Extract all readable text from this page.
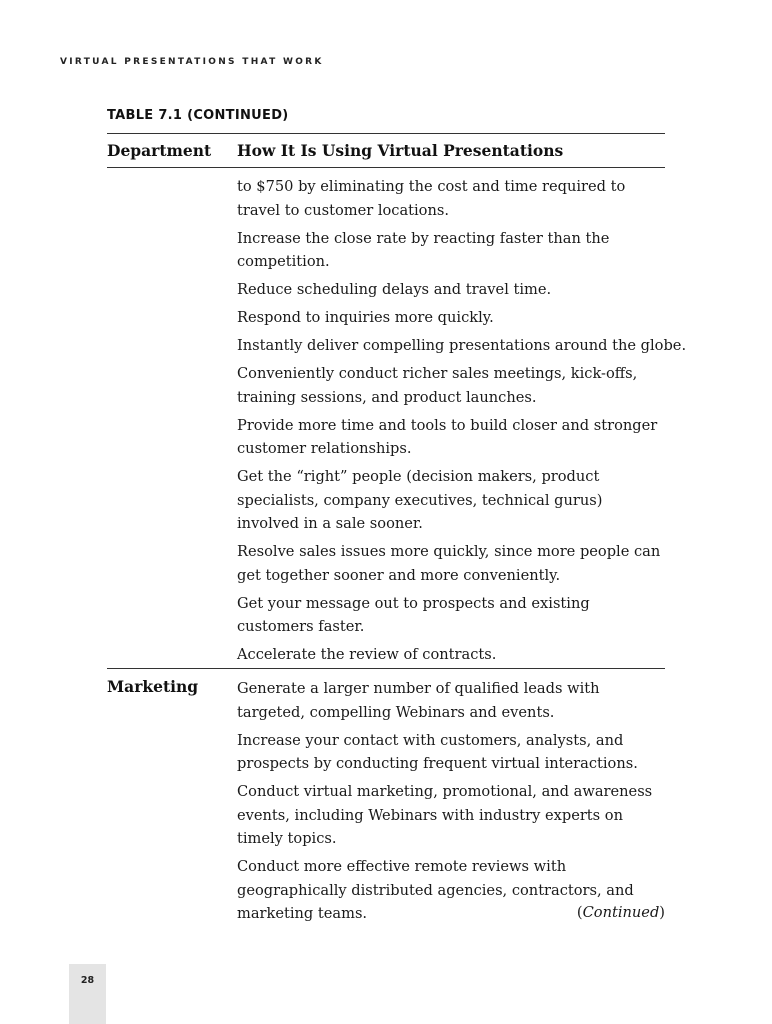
VIRTUAL PRESENTATIONS THAT WORK
TABLE 7.1 (CONTINUED)
Department How It Is Using Virtual Presentations

to $750 by eliminating the cost and time required to travel to customer locations.

Increase the close rate by reacting faster than the competition.

Reduce scheduling delays and travel time.

Respond to inquiries more quickly.

Instantly deliver compelling presentations around the globe.

Conveniently conduct richer sales meetings, kick-offs, training sessions, and product launches.

Provide more time and tools to build closer and stronger customer relationships.

Get the “right” people (decision makers, product specialists, company executives, technical gurus) involved in a sale sooner.

Resolve sales issues more quickly, since more people can get together sooner and more conveniently.

Get your message out to prospects and existing customers faster.

Accelerate the review of contracts.

Marketing	Generate a larger number of qualified leads with targeted, compelling Webinars and events.

Increase your contact with customers, analysts, and prospects by conducting frequent virtual interactions.

Conduct virtual marketing, promotional, and awareness events, including Webinars with industry experts on timely topics.

Conduct more effective remote reviews with geographically distributed agencies, contractors, and marketing teams.	(Continued)
28
